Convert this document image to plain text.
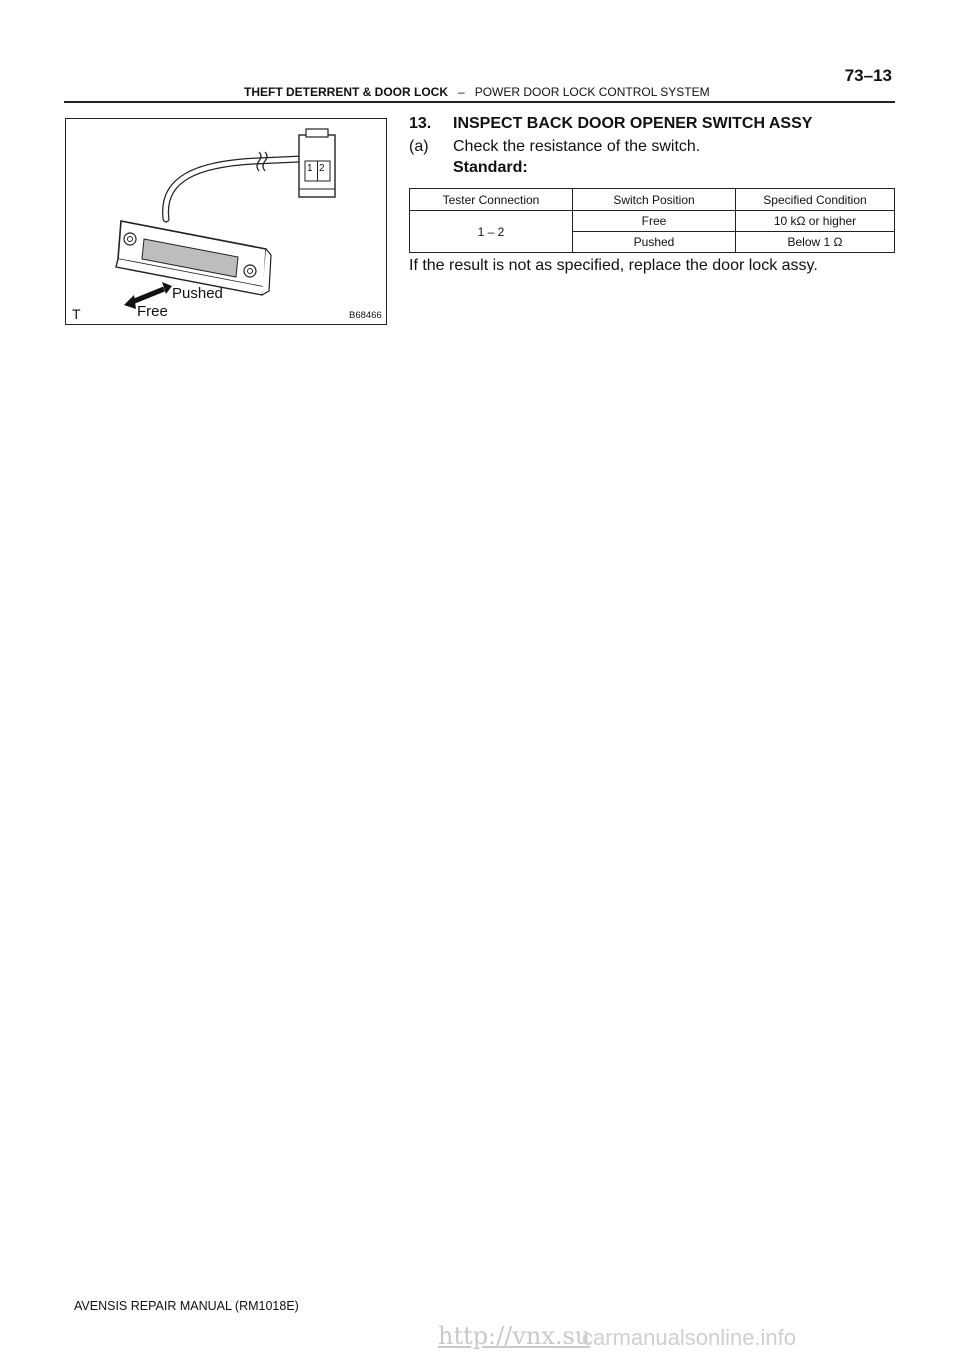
73–13
THEFT DETERRENT & DOOR LOCK – POWER DOOR LOCK CONTROL SYSTEM
1 2
Pushed
Free
T	B68466
13. INSPECT BACK DOOR OPENER SWITCH ASSY
(a) Check the resistance of the switch.
Standard:
Tester Connection	Switch Position	Specified Condition
1 – 2	Free	10 kΩ or higher
	Pushed	Below 1 Ω
If the result is not as specified, replace the door lock assy.
AVENSIS REPAIR MANUAL (RM1018E)
http://vnx.su
carmanualsonline.info
